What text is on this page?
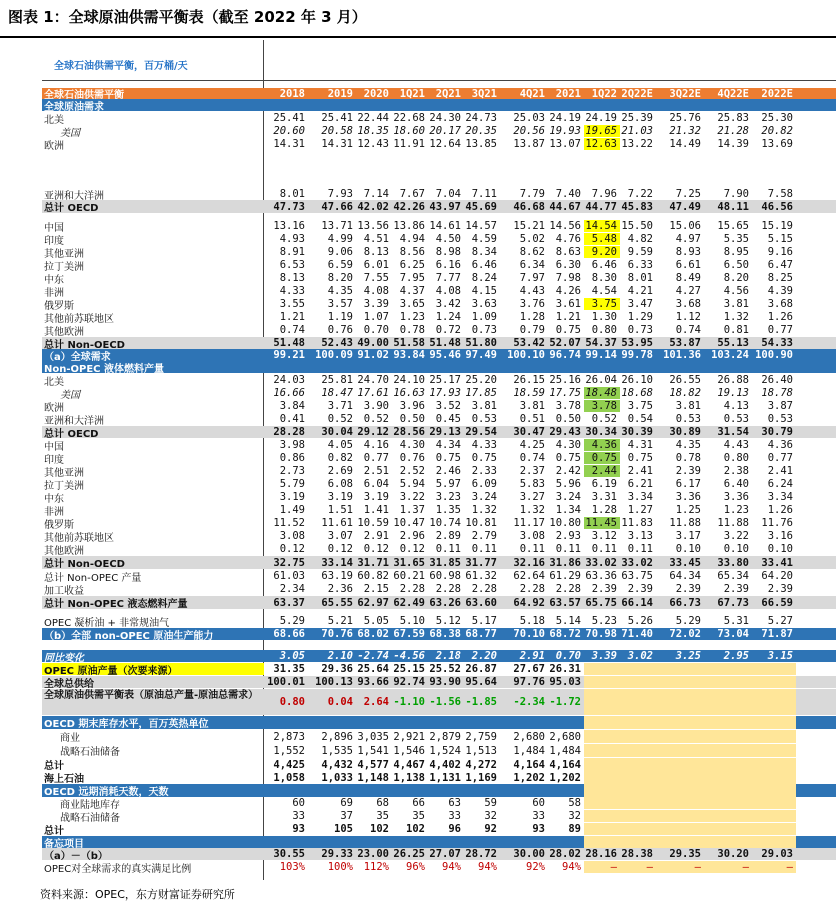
图表 1：全球原油供需平衡表（截至 2022 年 3 月）
全球石油供需平衡，百万桶/天
全球石油供需平衡	2018	2019	2020	1Q21	2Q21	3Q21	4Q21	2021	1Q22 2Q22E	3Q22E	4Q22E	2022E
全球原油需求
北美	25.41	25.41 22.44 22.68 24.30 24.73	25.03 24.19 24.19 25.39	25.76	25.83	25.30
美国	20.60	20.58 18.35 18.60 20.17 20.35	20.56 19.93 19.65 21.03	21.32	21.28	20.82
欧洲	14.31	14.31 12.43 11.91 12.64 13.85	13.87 13.07 12.63 13.22	14.49	14.39	13.69
亚洲和大洋洲	8.01	7.93	7.14	7.67	7.04	7.11	7.79	7.40	7.96	7.22	7.25	7.90	7.58
总计 OECD	47.73	47.66 42.02 42.26 43.97 45.69	46.68 44.67 44.77 45.83	47.49	48.11	46.56
中国	13.16	13.71 13.56 13.86 14.61 14.57	15.21 14.56 14.54 15.50	15.06	15.65	15.19
印度	4.93	4.99	4.51	4.94	4.50	4.59	5.02	4.76	5.48	4.82	4.97	5.35	5.15
其他亚洲	8.91	9.06	8.13	8.56	8.98	8.34	8.62	8.63	9.20	9.59	8.93	8.95	9.16
拉丁美洲	6.53	6.59	6.01	6.25	6.16	6.46	6.34	6.30	6.46	6.33	6.61	6.50	6.47
中东	8.13	8.20	7.55	7.95	7.77	8.24	7.97	7.98	8.30	8.01	8.49	8.20	8.25
非洲	4.33	4.35	4.08	4.37	4.08	4.15	4.43	4.26	4.54	4.21	4.27	4.56	4.39
俄罗斯	3.55	3.57	3.39	3.65	3.42	3.63	3.76	3.61	3.75	3.47	3.68	3.81	3.68
其他前苏联地区	1.21	1.19	1.07	1.23	1.24	1.09	1.28	1.21	1.30	1.29	1.12	1.32	1.26
其他欧洲	0.74	0.76	0.70	0.78	0.72	0.73	0.79	0.75	0.80	0.73	0.74	0.81	0.77
总计 Non-OECD	51.48	52.43 49.00 51.58 51.48 51.80	53.42 52.07 54.37 53.95	53.87	55.13	54.33
（a）全球需求	99.21 100.09 91.02 93.84 95.46 97.49 100.10 96.74 99.14 99.78 101.36 103.24 100.90
Non-OPEC 液体燃料产量
北美	24.03	25.81 24.70 24.10 25.17 25.20	26.15 25.16 26.04 26.10	26.55	26.88	26.40
美国	16.66	18.47 17.61 16.63 17.93 17.85	18.59 17.75 18.48 18.68	18.82	19.13	18.78
欧洲	3.84	3.71	3.90	3.96	3.52	3.81	3.81	3.78	3.78	3.75	3.81	4.13	3.87
亚洲和大洋洲	0.41	0.52	0.52	0.50	0.45	0.53	0.51	0.50	0.52	0.54	0.53	0.53	0.53
总计 OECD	28.28	30.04 29.12 28.56 29.13 29.54	30.47 29.43 30.34 30.39	30.89	31.54	30.79
中国	3.98	4.05	4.16	4.30	4.34	4.33	4.25	4.30	4.36	4.31	4.35	4.43	4.36
印度	0.86	0.82	0.77	0.76	0.75	0.75	0.74	0.75	0.75	0.75	0.78	0.80	0.77
其他亚洲	2.73	2.69	2.51	2.52	2.46	2.33	2.37	2.42	2.44	2.41	2.39	2.38	2.41
拉丁美洲	5.79	6.08	6.04	5.94	5.97	6.09	5.83	5.96	6.19	6.21	6.17	6.40	6.24
中东	3.19	3.19	3.19	3.22	3.23	3.24	3.27	3.24	3.31	3.34	3.36	3.36	3.34
非洲	1.49	1.51	1.41	1.37	1.35	1.32	1.32	1.34	1.28	1.27	1.25	1.23	1.26
俄罗斯	11.52	11.61 10.59 10.47 10.74 10.81	11.17 10.80 11.45 11.83	11.88	11.88	11.76
其他前苏联地区	3.08	3.07	2.91	2.96	2.89	2.79	3.08	2.93	3.12	3.13	3.17	3.22	3.16
其他欧洲	0.12	0.12	0.12	0.12	0.11	0.11	0.11	0.11	0.11	0.11	0.10	0.10	0.10
总计 Non-OECD	32.75	33.14 31.71 31.65 31.85 31.77	32.16 31.86 33.02 33.02	33.45	33.80	33.41
总计 Non-OPEC 产量	61.03	63.19 60.82 60.21 60.98 61.32	62.64 61.29 63.36 63.75	64.34	65.34	64.20
加工收益	2.34	2.36	2.15	2.28	2.28	2.28	2.28	2.28	2.39	2.39	2.39	2.39	2.39
总计 Non-OPEC 液态燃料产量	63.37	65.55 62.97 62.49 63.26 63.60	64.92 63.57 65.75 66.14	66.73	67.73	66.59
OPEC 凝析油 + 非常规油气	5.29	5.21	5.05	5.10	5.12	5.17	5.18	5.14	5.23	5.26	5.29	5.31	5.27
（b）全部 non-OPEC 原油生产能力	68.66	70.76 68.02 67.59 68.38 68.77	70.10 68.72 70.98 71.40	72.02	73.04	71.87
同比变化	3.05	2.10 -2.74 -4.56	2.18	2.20	2.91	0.70	3.39	3.02	3.25	2.95	3.15
OPEC 原油产量（次要来源）	31.35	29.36 25.64 25.15 25.52 26.87	27.67 26.31
全球总供给	100.01 100.13 93.66 92.74 93.90 95.64	97.76 95.03
全球原油供需平衡表（原油总产量-原油总需求）
0.80	0.04	2.64 -1.10 -1.56 -1.85	-2.34 -1.72
OECD 期末库存水平，百万英热单位
商业	2,873	2,896 3,035 2,921 2,879 2,759	2,680 2,680
战略石油储备	1,552	1,535 1,541 1,546 1,524 1,513	1,484 1,484
总计	4,425	4,432 4,577 4,467 4,402 4,272	4,164 4,164
海上石油	1,058	1,033 1,148 1,138 1,131 1,169	1,202 1,202
OECD 远期消耗天数，天数
商业陆地库存	60	69	68	66	63	59	60	58
战略石油储备	33	37	35	35	33	32	33	32
总计	93	105	102	102	96	92	93	89
备忘项目
（a）－（b）	30.55	29.33 23.00 26.25 27.07 28.72	30.00 28.02 28.16 28.38	29.35	30.20	29.03
OPEC对全球需求的真实满足比例	103%	100%	112%	96%	94%	94%	92%	94%	–	–	–	–	–
资料来源：OPEC，东方财富证券研究所
